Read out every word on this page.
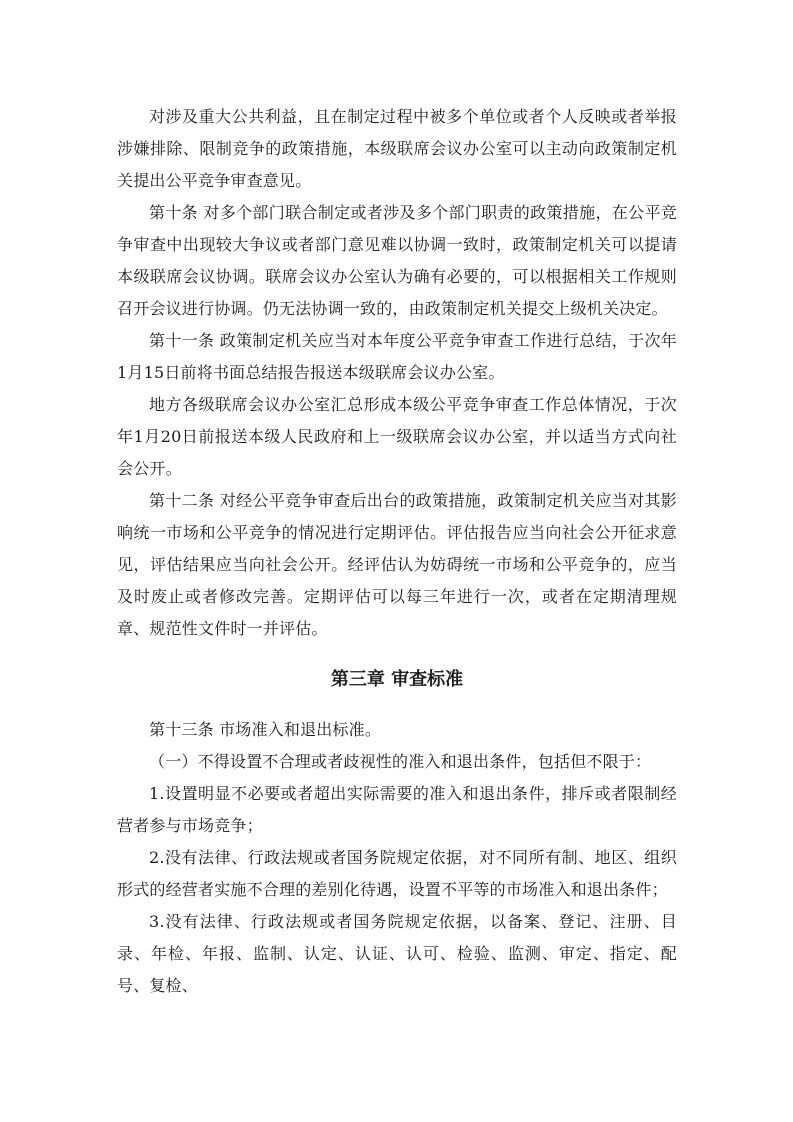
对涉及重大公共利益，且在制定过程中被多个单位或者个人反映或者举报涉嫌排除、限制竞争的政策措施，本级联席会议办公室可以主动向政策制定机关提出公平竞争审查意见。

第十条 对多个部门联合制定或者涉及多个部门职责的政策措施，在公平竞争审查中出现较大争议或者部门意见难以协调一致时，政策制定机关可以提请本级联席会议协调。联席会议办公室认为确有必要的，可以根据相关工作规则召开会议进行协调。仍无法协调一致的，由政策制定机关提交上级机关决定。

第十一条 政策制定机关应当对本年度公平竞争审查工作进行总结，于次年1月15日前将书面总结报告报送本级联席会议办公室。

地方各级联席会议办公室汇总形成本级公平竞争审查工作总体情况，于次年1月20日前报送本级人民政府和上一级联席会议办公室，并以适当方式向社会公开。

第十二条 对经公平竞争审查后出台的政策措施，政策制定机关应当对其影响统一市场和公平竞争的情况进行定期评估。评估报告应当向社会公开征求意见，评估结果应当向社会公开。经评估认为妨碍统一市场和公平竞争的，应当及时废止或者修改完善。定期评估可以每三年进行一次，或者在定期清理规章、规范性文件时一并评估。

第三章 审查标准

第十三条 市场准入和退出标准。

（一）不得设置不合理或者歧视性的准入和退出条件，包括但不限于：

1.设置明显不必要或者超出实际需要的准入和退出条件，排斥或者限制经营者参与市场竞争；

2.没有法律、行政法规或者国务院规定依据，对不同所有制、地区、组织形式的经营者实施不合理的差别化待遇，设置不平等的市场准入和退出条件；

3.没有法律、行政法规或者国务院规定依据，以备案、登记、注册、目录、年检、年报、监制、认定、认证、认可、检验、监测、审定、指定、配号、复检、
